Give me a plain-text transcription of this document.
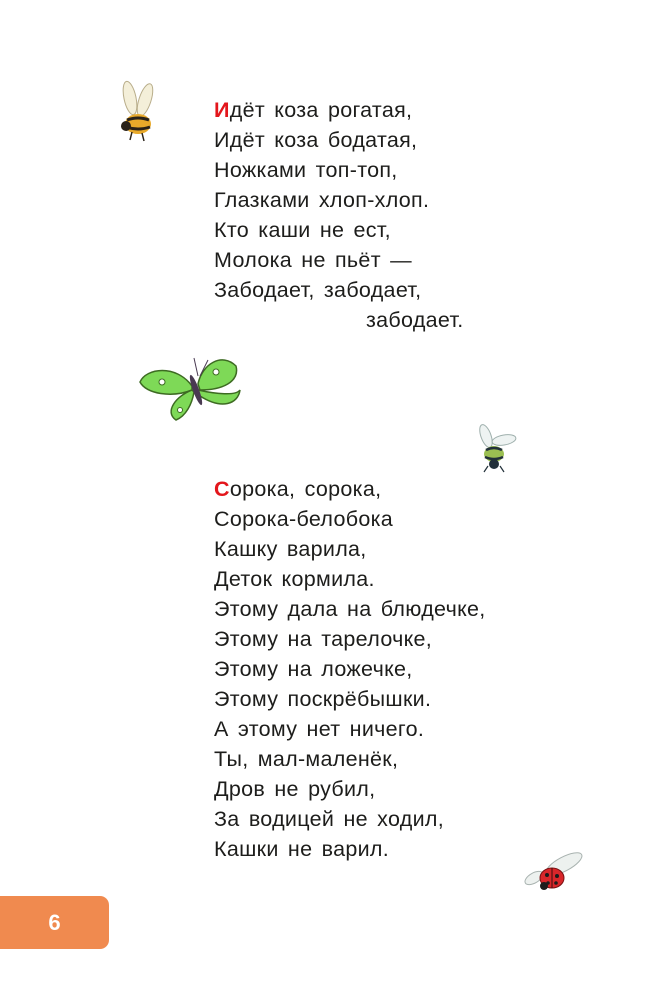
Идёт коза рогатая,
Идёт коза бодатая,
Ножками топ-топ,
Глазками хлоп-хлоп.
Кто каши не ест,
Молока не пьёт —
Забодает, забодает,
забодает.
Сорока, сорока,
Сорока-белобока
Кашку варила,
Деток кормила.
Этому дала на блюдечке,
Этому на тарелочке,
Этому на ложечке,
Этому поскрёбышки.
А этому нет ничего.
Ты, мал-маленёк,
Дров не рубил,
За водицей не ходил,
Кашки не варил.
6
